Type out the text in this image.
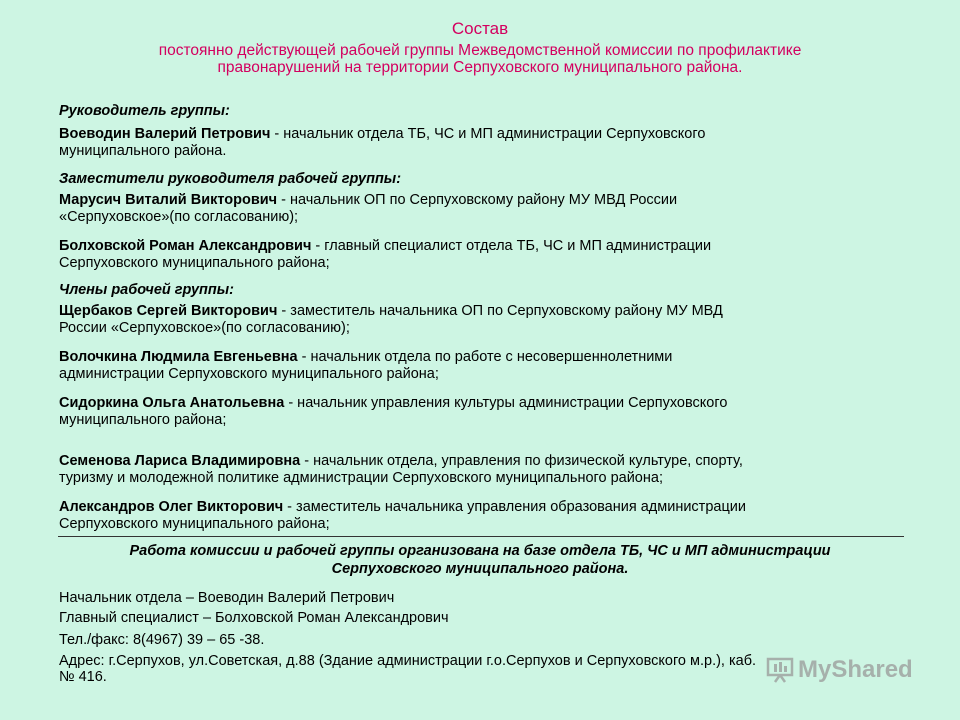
Состав
постоянно действующей рабочей группы Межведомственной комиссии по профилактике
правонарушений на территории Серпуховского муниципального района.
Руководитель группы:
Воеводин Валерий Петрович - начальник отдела ТБ, ЧС и МП администрации Серпуховского
муниципального района.
Заместители руководителя рабочей группы:
Марусич Виталий Викторович - начальник ОП по Серпуховскому району МУ МВД России
«Серпуховское»(по согласованию);
Болховской Роман Александрович - главный специалист отдела ТБ, ЧС и МП администрации
Серпуховского муниципального района;
Члены рабочей группы:
Щербаков Сергей Викторович - заместитель начальника ОП по Серпуховскому району МУ МВД
России «Серпуховское»(по согласованию);
Волочкина Людмила Евгеньевна - начальник отдела по работе с несовершеннолетними
администрации Серпуховского муниципального района;
Сидоркина Ольга Анатольевна - начальник управления культуры администрации Серпуховского
муниципального района;
Семенова Лариса Владимировна - начальник отдела, управления по физической культуре, спорту,
туризму и молодежной политике администрации Серпуховского муниципального района;
Александров Олег Викторович - заместитель начальника управления образования администрации
Серпуховского муниципального района;
Работа комиссии и рабочей группы организована на базе отдела ТБ, ЧС и МП администрации
Серпуховского муниципального района.
Начальник отдела – Воеводин Валерий Петрович
Главный специалист – Болховской Роман Александрович
Тел./факс: 8(4967) 39 – 65 -38.
Адрес: г.Серпухов, ул.Советская, д.88 (Здание администрации г.о.Серпухов и Серпуховского м.р.), каб.
№ 416.	MyShared
